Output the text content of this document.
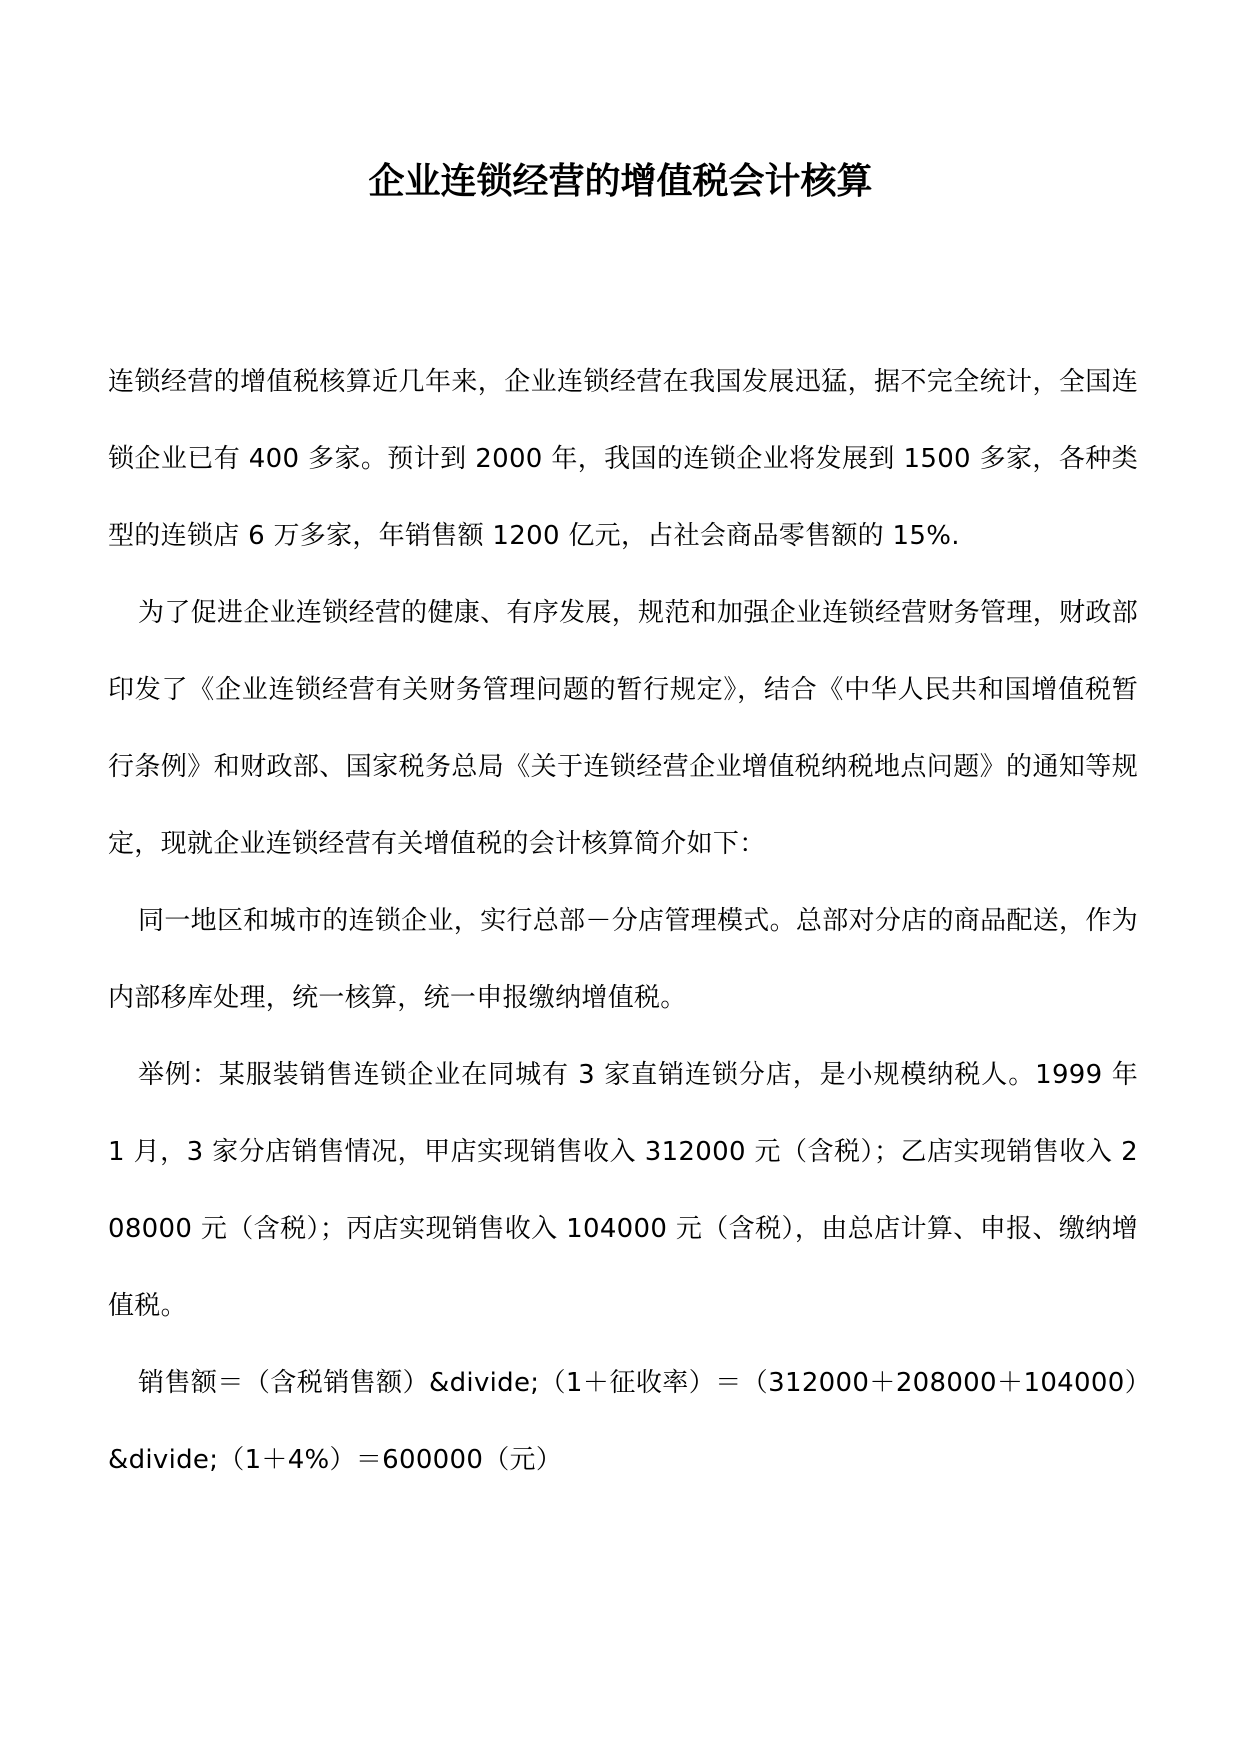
企业连锁经营的增值税会计核算

连锁经营的增值税核算近几年来，企业连锁经营在我国发展迅猛，据不完全统计，全国连锁企业已有 400 多家。预计到 2000 年，我国的连锁企业将发展到 1500 多家，各种类型的连锁店 6 万多家，年销售额 1200 亿元，占社会商品零售额的 15%.

为了促进企业连锁经营的健康、有序发展，规范和加强企业连锁经营财务管理，财政部印发了《企业连锁经营有关财务管理问题的暂行规定》，结合《中华人民共和国增值税暂行条例》和财政部、国家税务总局《关于连锁经营企业增值税纳税地点问题》的通知等规定，现就企业连锁经营有关增值税的会计核算简介如下：

同一地区和城市的连锁企业，实行总部－分店管理模式。总部对分店的商品配送，作为内部移库处理，统一核算，统一申报缴纳增值税。

举例：某服装销售连锁企业在同城有 3 家直销连锁分店，是小规模纳税人。1999 年 1 月，3 家分店销售情况，甲店实现销售收入 312000 元（含税）；乙店实现销售收入 208000 元（含税）；丙店实现销售收入 104000 元（含税），由总店计算、申报、缴纳增值税。

销售额＝（含税销售额）&divide;（1＋征收率）＝（312000＋208000＋104000）&divide;（1＋4%）＝600000（元）
